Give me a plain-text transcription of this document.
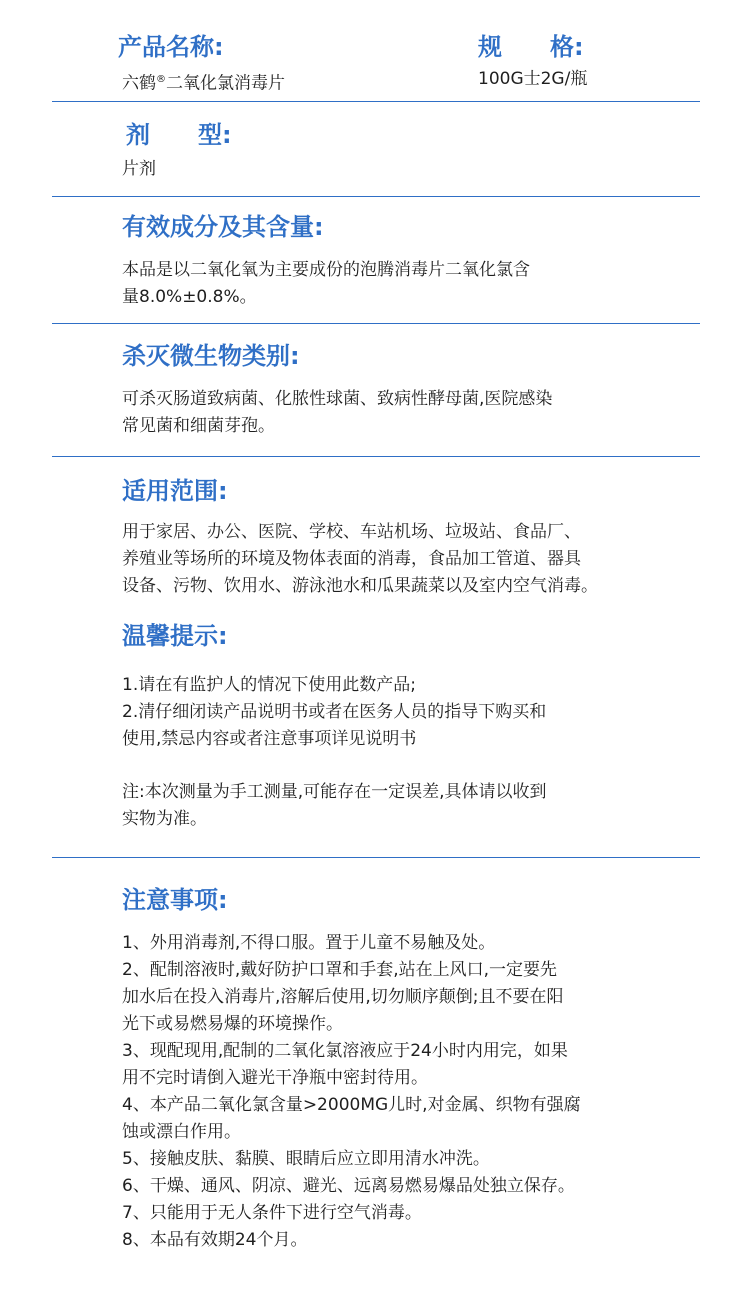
产品名称:	规　　格:
六鹤®二氧化氯消毒片	100G士2G/瓶
剂　　型:
片剂
有效成分及其含量:
本品是以二氧化氧为主要成份的泡腾消毒片二氧化氯含
量8.0%±0.8%。
杀灭微生物类别:
可杀灭肠道致病菌、化脓性球菌、致病性酵母菌,医院感染
常见菌和细菌芽孢。
适用范围:
用于家居、办公、医院、学校、车站机场、垃圾站、食品厂、
养殖业等场所的环境及物体表面的消毒，食品加工管道、器具
设备、污物、饮用水、游泳池水和瓜果蔬菜以及室内空气消毒。
温馨提示:
1.请在有监护人的情况下使用此数产品;
2.清仔细闭读产品说明书或者在医务人员的指导下购买和
使用,禁忌内容或者注意事项详见说明书
注:本次测量为手工测量,可能存在一定误差,具体请以收到
实物为准。
注意事项:
1、外用消毒剂,不得口服。置于儿童不易触及处。
2、配制溶液时,戴好防护口罩和手套,站在上风口,一定要先
加水后在投入消毒片,溶解后使用,切勿顺序颠倒;且不要在阳
光下或易燃易爆的环境操作。
3、现配现用,配制的二氧化氯溶液应于24小时内用完，如果
用不完时请倒入避光干净瓶中密封待用。
4、本产品二氧化氯含量>2000MG儿时,对金属、织物有强腐
蚀或漂白作用。
5、接触皮肤、黏膜、眼睛后应立即用清水冲洗。
6、干燥、通风、阴凉、避光、远离易燃易爆品处独立保存。
7、只能用于无人条件下进行空气消毒。
8、本品有效期24个月。
